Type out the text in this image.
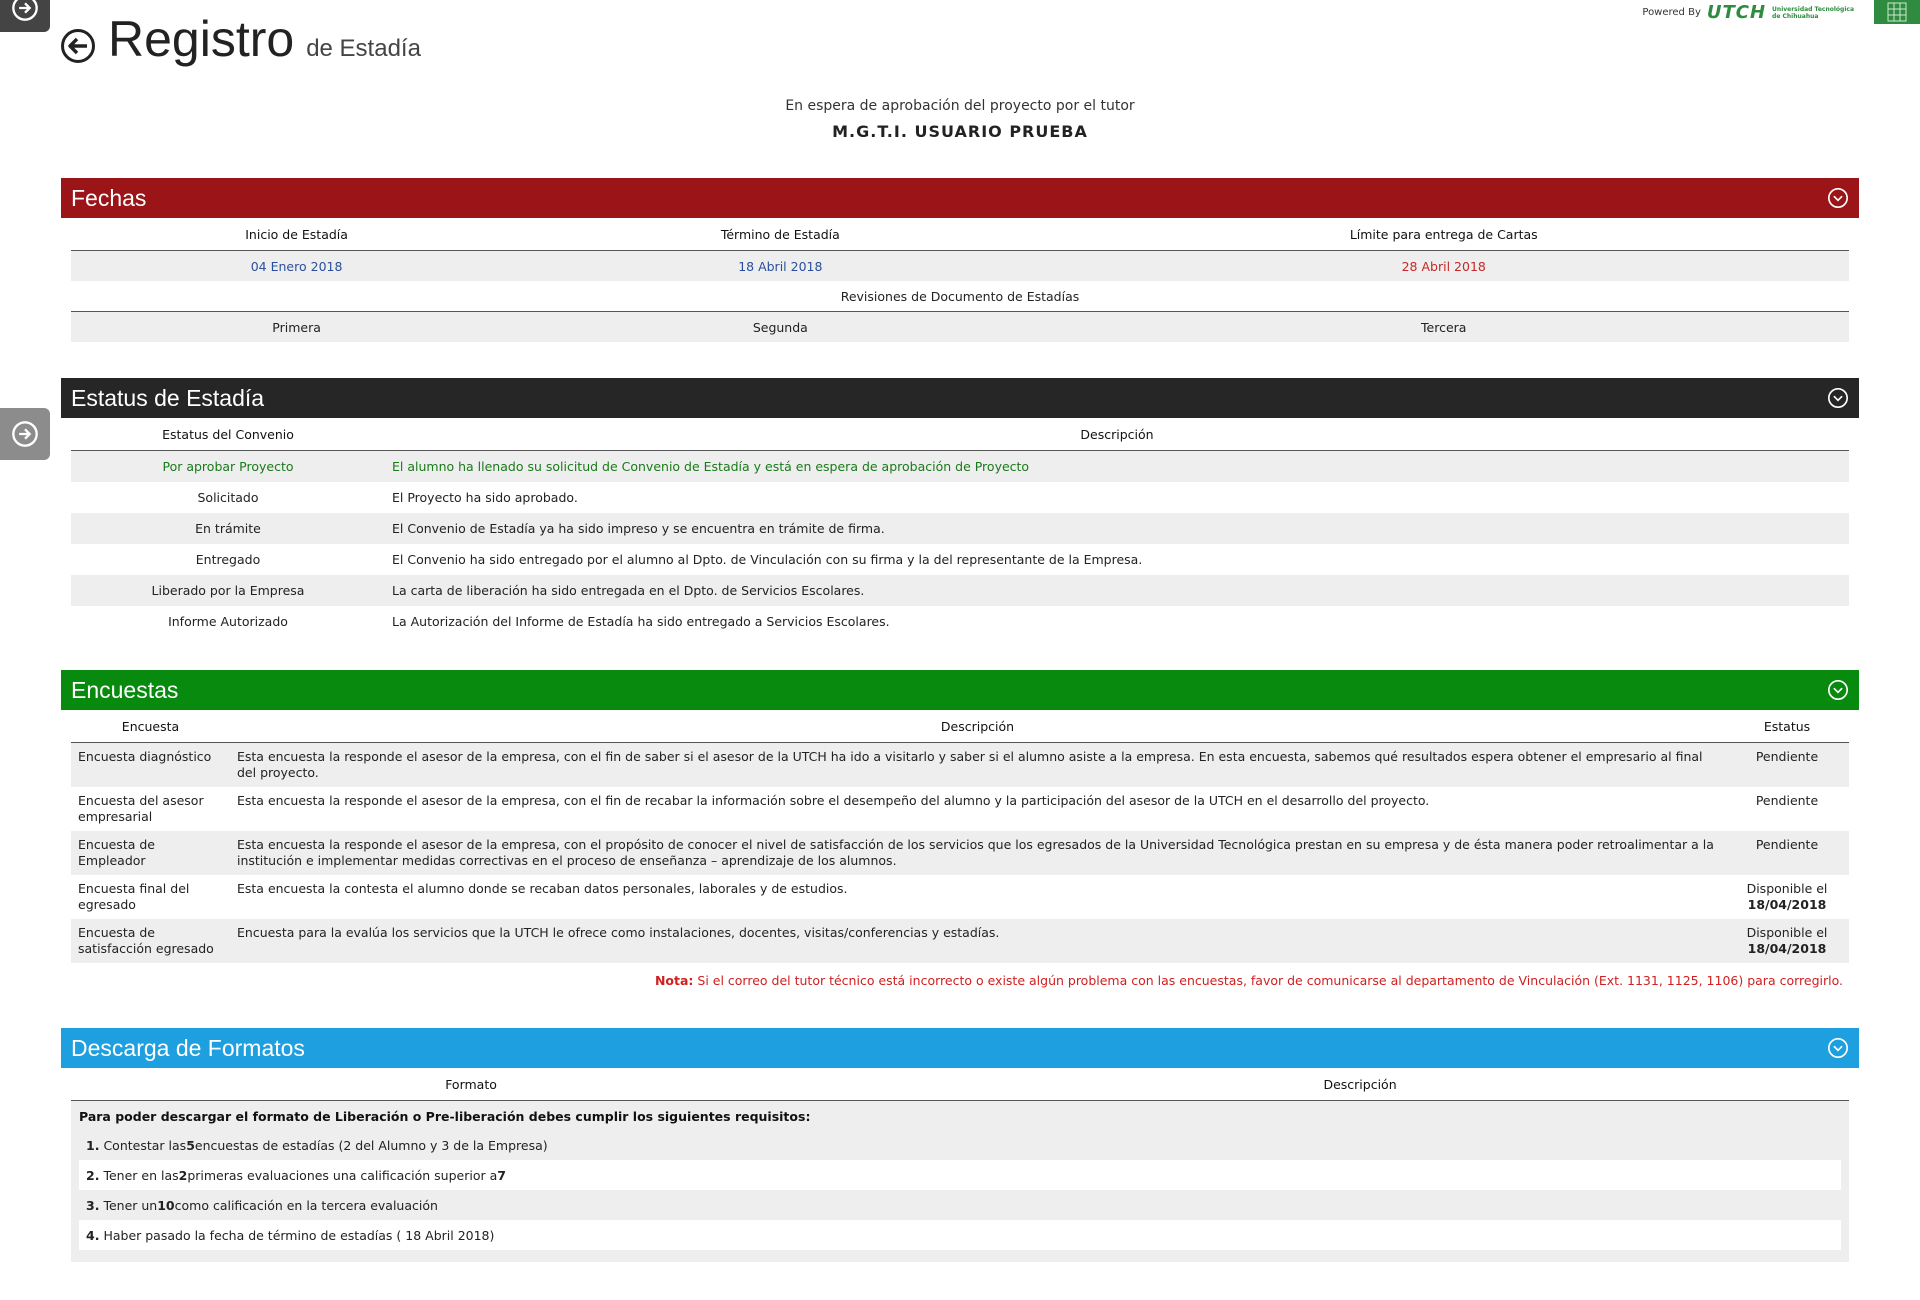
Powered By UTCH Universidad Tecnológica
de Chihuahua
Registro de Estadía
En espera de aprobación del proyecto por el tutor
M.G.T.I. USUARIO PRUEBA
Fechas
Inicio de Estadía	Término de Estadía	Límite para entrega de Cartas
04 Enero 2018	18 Abril 2018	28 Abril 2018
Revisiones de Documento de Estadías		
Primera	Segunda	Tercera
Estatus de Estadía
Estatus del Convenio	Descripción
Por aprobar Proyecto	El alumno ha llenado su solicitud de Convenio de Estadía y está en espera de aprobación de Proyecto
Solicitado	El Proyecto ha sido aprobado.
En trámite	El Convenio de Estadía ya ha sido impreso y se encuentra en trámite de firma.
Entregado	El Convenio ha sido entregado por el alumno al Dpto. de Vinculación con su firma y la del representante de la Empresa.
Liberado por la Empresa	La carta de liberación ha sido entregada en el Dpto. de Servicios Escolares.
Informe Autorizado	La Autorización del Informe de Estadía ha sido entregado a Servicios Escolares.
Encuestas
Encuesta	Descripción	Estatus
Encuesta diagnóstico	Esta encuesta la responde el asesor de la empresa, con el fin de saber si el asesor de la UTCH ha ido a visitarlo y saber si el alumno asiste a la empresa. En esta encuesta, sabemos qué resultados espera obtener el empresario al final del proyecto.	Pendiente

Encuesta del asesor empresarial	Esta encuesta la responde el asesor de la empresa, con el fin de recabar la información sobre el desempeño del alumno y la participación del asesor de la UTCH en el desarrollo del proyecto.	Pendiente

Encuesta de Empleador	Esta encuesta la responde el asesor de la empresa, con el propósito de conocer el nivel de satisfacción de los servicios que los egresados de la Universidad Tecnológica prestan en su empresa y de ésta manera poder retroalimentar a la institución e implementar medidas correctivas en el proceso de enseñanza – aprendizaje de los alumnos.	Pendiente

Encuesta final del egresado	Esta encuesta la contesta el alumno donde se recaban datos personales, laborales y de estudios.	Disponible el
18/04/2018
Encuesta de satisfacción egresado	Encuesta para la evalúa los servicios que la UTCH le ofrece como instalaciones, docentes, visitas/conferencias y estadías.	Disponible el
18/04/2018
Nota: Si el correo del tutor técnico está incorrecto o existe algún problema con las encuestas, favor de comunicarse al departamento de Vinculación (Ext. 1131, 1125, 1106) para corregirlo.
Descarga de Formatos
Formato	Descripción
Para poder descargar el formato de Liberación o Pre-liberación debes cumplir los siguientes requisitos:
1. Contestar las 5 encuestas de estadías (2 del Alumno y 3 de la Empresa)
2. Tener en las 2 primeras evaluaciones una calificación superior a 7
3. Tener un 10 como calificación en la tercera evaluación
4. Haber pasado la fecha de término de estadías ( 18 Abril 2018)
